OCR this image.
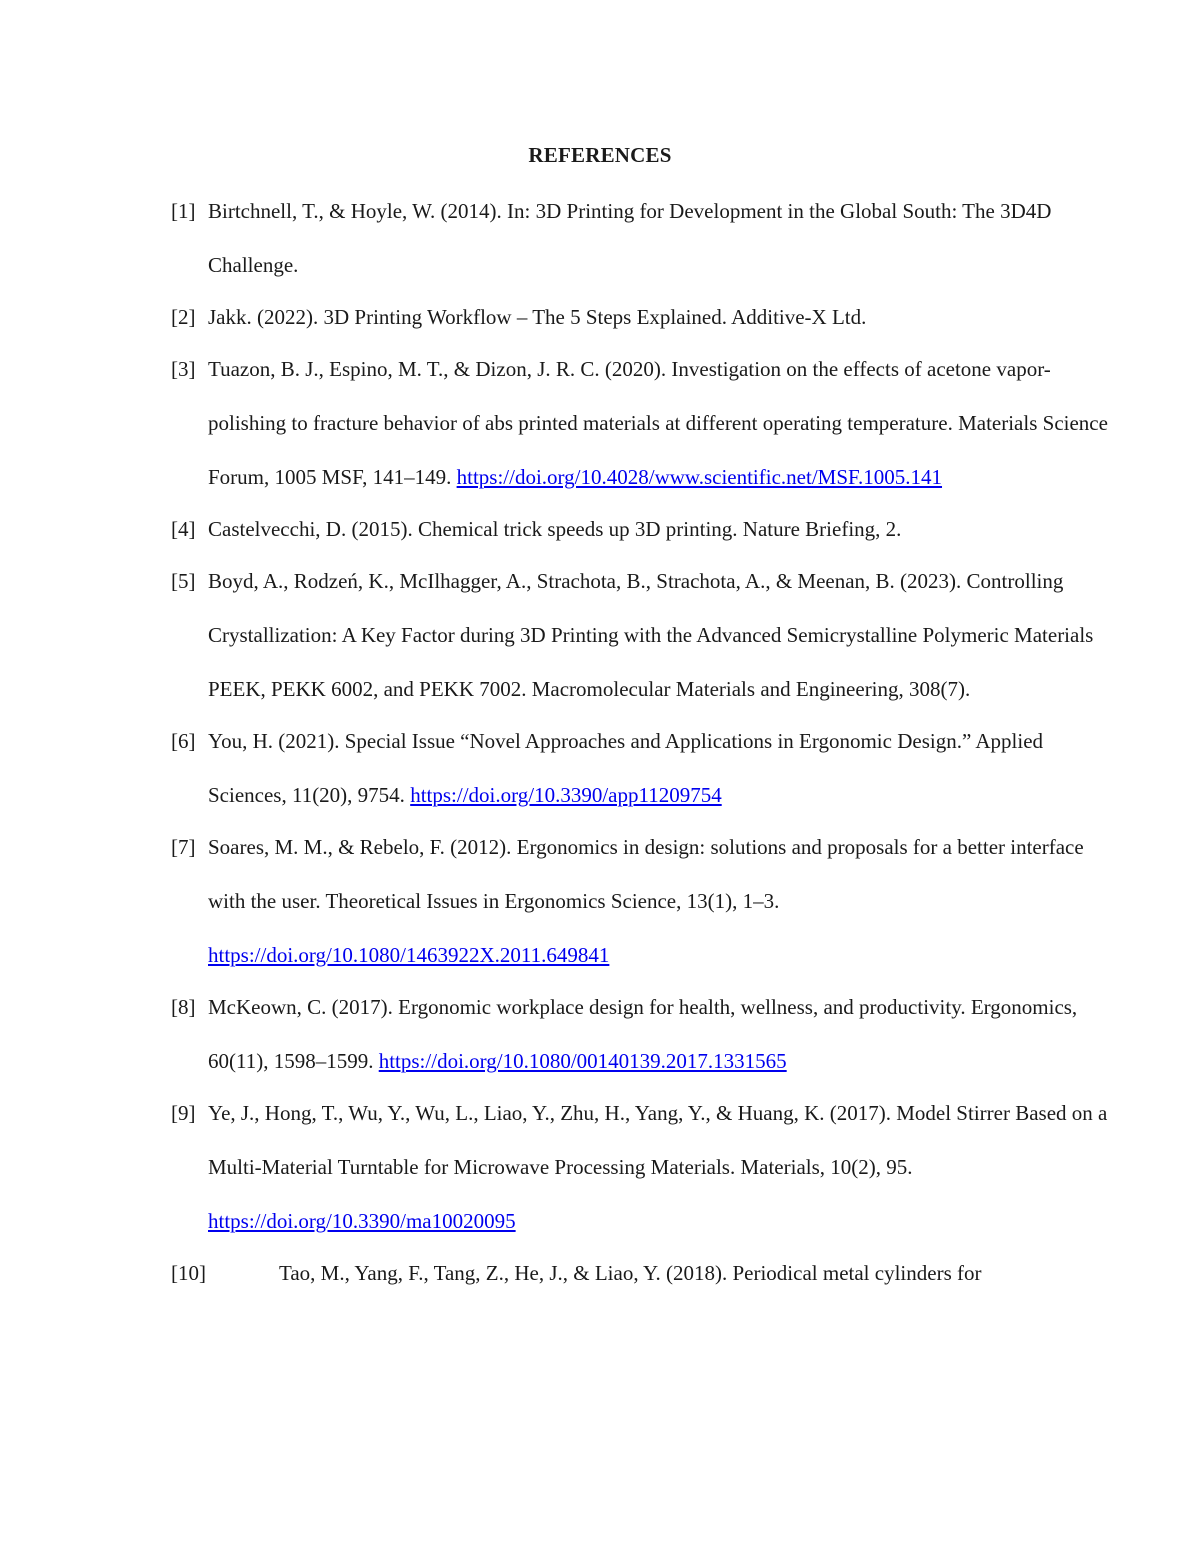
REFERENCES
[1] Birtchnell, T., & Hoyle, W. (2014). In: 3D Printing for Development in the Global South: The 3D4D Challenge.
[2] Jakk. (2022). 3D Printing Workflow – The 5 Steps Explained. Additive-X Ltd.
[3] Tuazon, B. J., Espino, M. T., & Dizon, J. R. C. (2020). Investigation on the effects of acetone vapor-polishing to fracture behavior of abs printed materials at different operating temperature. Materials Science Forum, 1005 MSF, 141–149. https://doi.org/10.4028/www.scientific.net/MSF.1005.141
[4] Castelvecchi, D. (2015). Chemical trick speeds up 3D printing. Nature Briefing, 2.
[5] Boyd, A., Rodzeń, K., McIlhagger, A., Strachota, B., Strachota, A., & Meenan, B. (2023). Controlling Crystallization: A Key Factor during 3D Printing with the Advanced Semicrystalline Polymeric Materials PEEK, PEKK 6002, and PEKK 7002. Macromolecular Materials and Engineering, 308(7).
[6] You, H. (2021). Special Issue “Novel Approaches and Applications in Ergonomic Design.” Applied Sciences, 11(20), 9754. https://doi.org/10.3390/app11209754
[7] Soares, M. M., & Rebelo, F. (2012). Ergonomics in design: solutions and proposals for a better interface with the user. Theoretical Issues in Ergonomics Science, 13(1), 1–3. https://doi.org/10.1080/1463922X.2011.649841
[8] McKeown, C. (2017). Ergonomic workplace design for health, wellness, and productivity. Ergonomics, 60(11), 1598–1599. https://doi.org/10.1080/00140139.2017.1331565
[9] Ye, J., Hong, T., Wu, Y., Wu, L., Liao, Y., Zhu, H., Yang, Y., & Huang, K. (2017). Model Stirrer Based on a Multi-Material Turntable for Microwave Processing Materials. Materials, 10(2), 95. https://doi.org/10.3390/ma10020095
[10]	Tao, M., Yang, F., Tang, Z., He, J., & Liao, Y. (2018). Periodical metal cylinders for
